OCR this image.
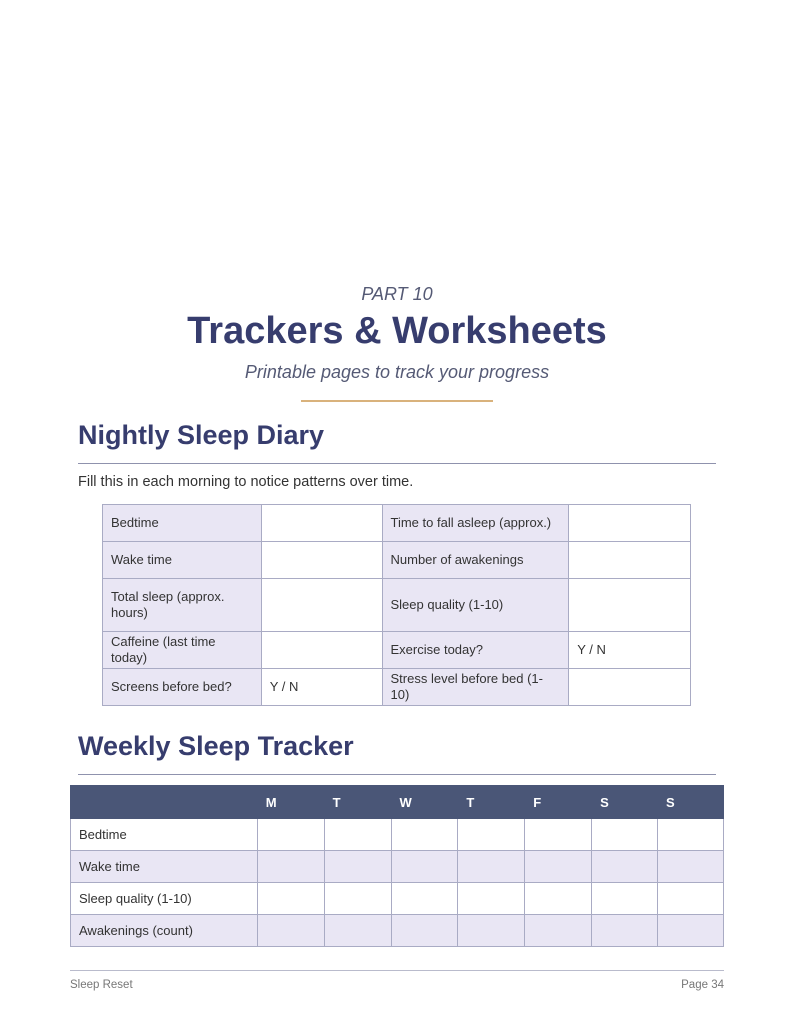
PART 10
Trackers & Worksheets
Printable pages to track your progress
Nightly Sleep Diary
Fill this in each morning to notice patterns over time.
Bedtime		Time to fall asleep (approx.)	
Wake time		Number of awakenings	
Total sleep (approx. hours)		Sleep quality (1-10)	
Caffeine (last time today)		Exercise today?	Y / N
Screens before bed?	Y / N	Stress level before bed (1-10)	
Weekly Sleep Tracker
	M	T	W	T	F	S	S
Bedtime							
Wake time							
Sleep quality (1-10)							
Awakenings (count)							
Sleep Reset	Page 34
